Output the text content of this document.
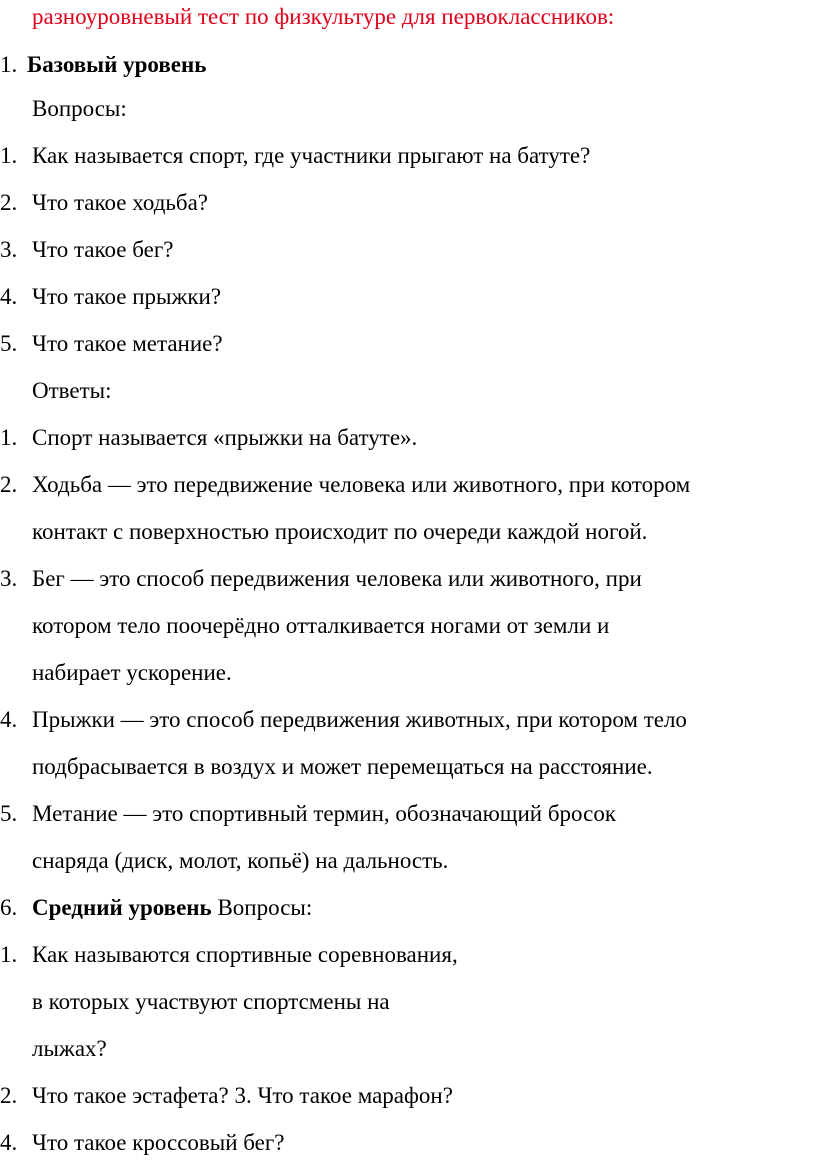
разноуровневый тест по физкультуре для первоклассников:
1. Базовый уровень
Вопросы:
1. Как называется спорт, где участники прыгают на батуте?
2. Что такое ходьба?
3. Что такое бег?
4. Что такое прыжки?
5. Что такое метание?
Ответы:
1. Спорт называется «прыжки на батуте».
2. Ходьба — это передвижение человека или животного, при котором
контакт с поверхностью происходит по очереди каждой ногой.
3. Бег — это способ передвижения человека или животного, при
котором тело поочерёдно отталкивается ногами от земли и
набирает ускорение.
4. Прыжки — это способ передвижения животных, при котором тело
подбрасывается в воздух и может перемещаться на расстояние.
5. Метание — это спортивный термин, обозначающий бросок
снаряда (диск, молот, копьё) на дальность.
6. Средний уровень Вопросы:
1. Как называются спортивные соревнования,
в которых участвуют спортсмены на
лыжах?
2. Что такое эстафета? 3. Что такое марафон?
4. Что такое кроссовый бег?
